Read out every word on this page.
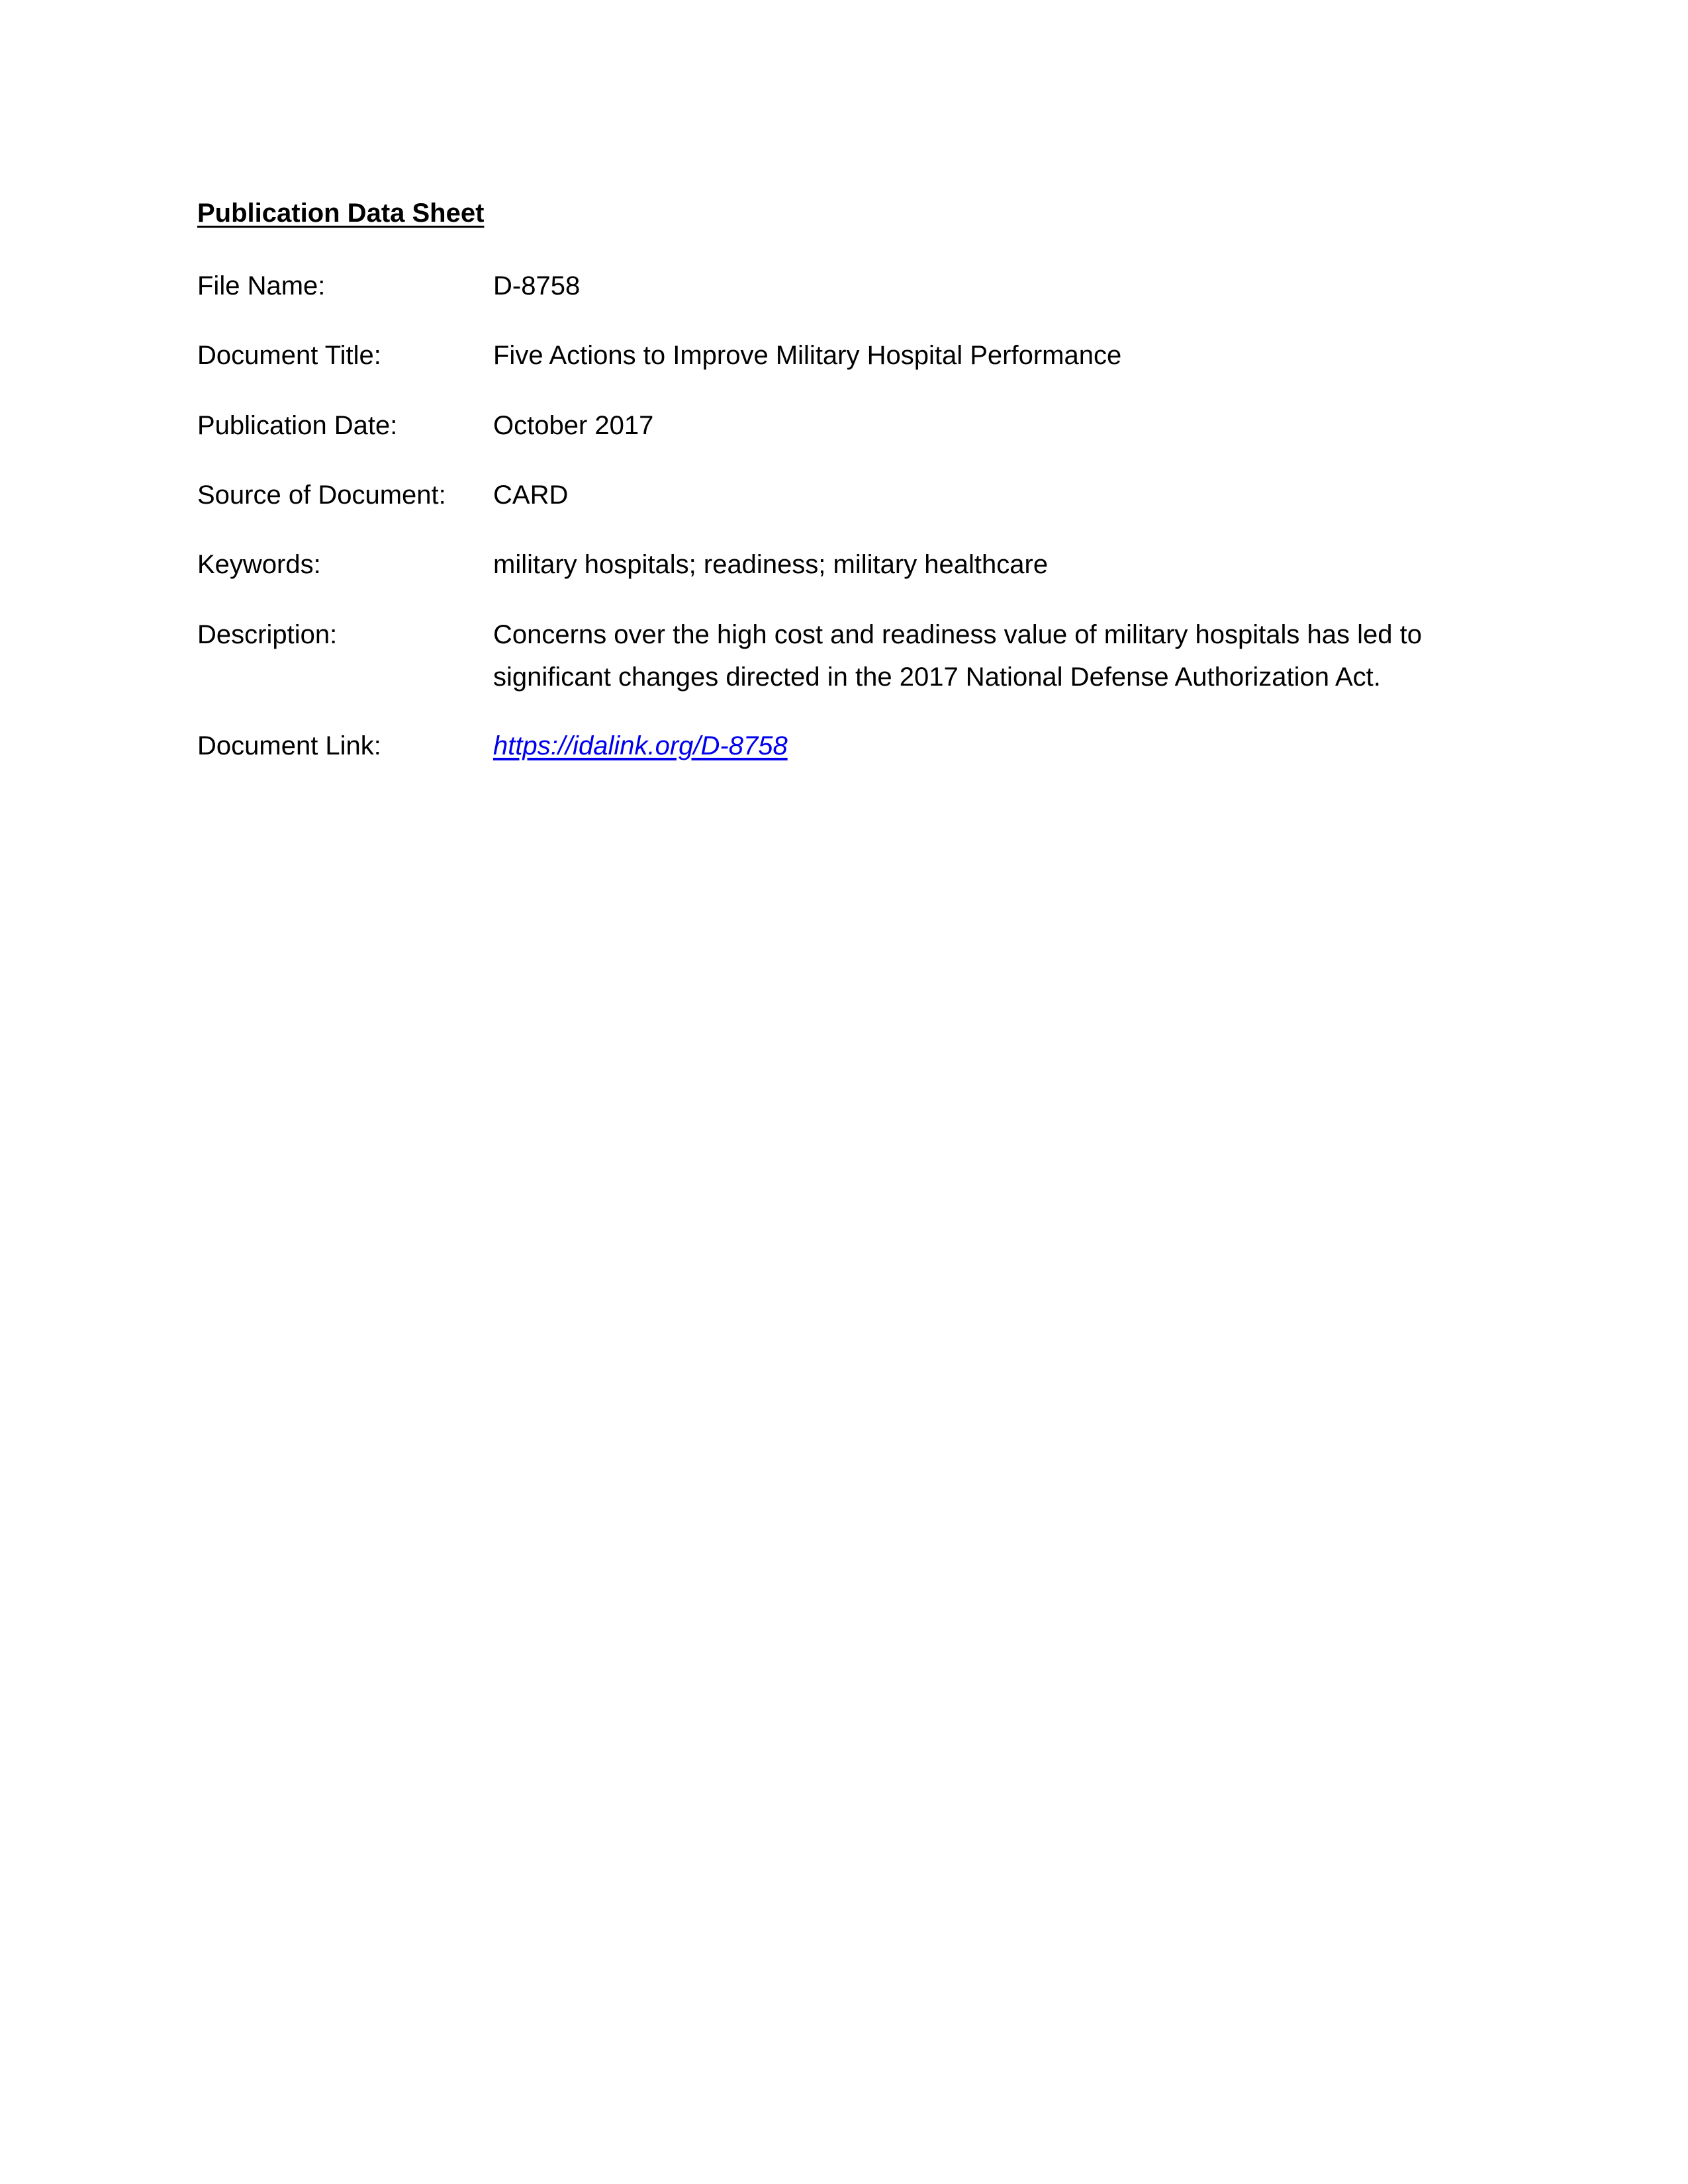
Publication Data Sheet
File Name:	D-8758
Document Title:	Five Actions to Improve Military Hospital Performance
Publication Date:	October 2017
Source of Document: CARD
Keywords:	military hospitals; readiness; military healthcare
Description:	Concerns over the high cost and readiness value of military hospitals has led to significant changes directed in the 2017 National Defense Authorization Act.
Document Link:	https://idalink.org/D-8758
